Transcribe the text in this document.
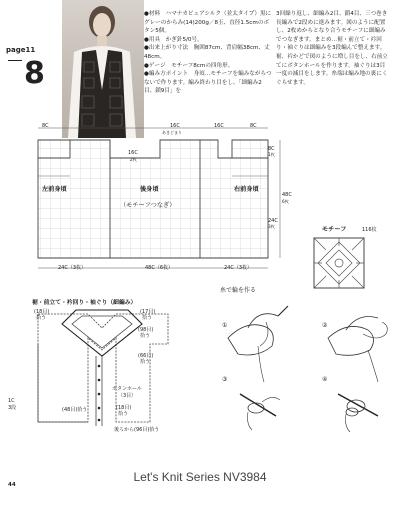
page11
8

●材料　ハマナカピュアシルク（並太タイプ）黒にグレーのからみ(14)200g／8玉、直径1.5cmのボタン5個。

●用具　かぎ針5/0号。

●出来上がり寸法　胸囲87cm、背肩幅38cm、丈48cm。

●ゲージ　モチーフ8cmの四角形。

●編み方ポイント　身頃…モチーフを編みながらつないで作ります。編み終わり目をし、「細編み2目、鎖9目」を

3回繰り返し、細編み2目、鎖4目、三つ巻き長編みで2段めに進みます。図のように配置し、2枚めからとなり合うモチーフに細編みでつなぎます。まとめ…裾・前立て・衿回り・袖ぐりは細編みを3段編んで整えます。裾、衿かどで図のように増し目をし、右前立てにボタンホールを作ります。袖ぐりは3目一度の減目をします。糸端は編み地の裏にくぐらせます。

8C	16C	16C
あきどまり
16C	8C
16C
2枚
左前身頃	後身頃
（モチーフつなぎ）
右前身頃
24C（3枚）	48C（6枚）	24C（3枚）
48C
6枚
8C
1枚
24C
3枚	モチーフ	116枚
裾・前立て・衿回り・袖ぐり（細編み）
(18目)
拾う
(17目)
拾う
(98目)
拾う
(66目)
拾う
ボタンホール
（3目）
(48目)拾う	(18目)
拾う
後ろから(96目)拾う
1C
3段
糸で輪を作る
①	②
③	④
Let's Knit Series NV3984
44
